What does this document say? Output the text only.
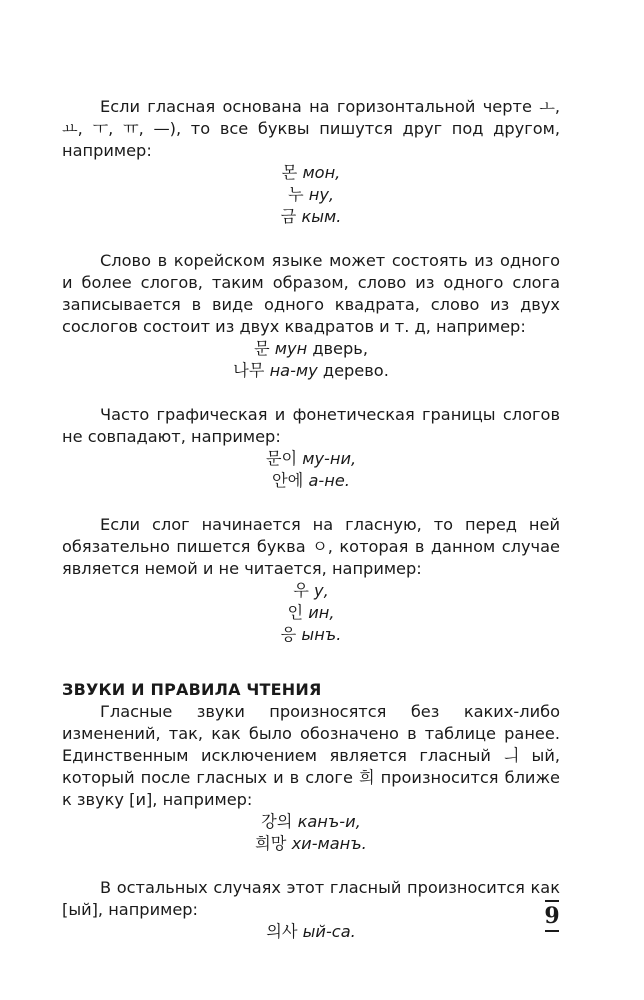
Если гласная основана на горизонтальной черте ㅗ, ㅛ, ㅜ, ㅠ, —), то все буквы пишутся друг под другом, например:

몬 мон,
누 ну,
금 кым.

Слово в корейском языке может состоять из одного и более слогов, таким образом, слово из одного слога записывается в виде одного квадрата, слово из двух сослогов состоит из двух квадратов и т. д, например:

문 мун дверь,
나무 на-му дерево.

Часто графическая и фонетическая границы слогов не совпадают, например:

문이 му-ни,
안에 а-не.

Если слог начинается на гласную, то перед ней обязательно пишется буква ㅇ, которая в данном случае является немой и не читается, например:

우 у,
인 ин,
응 ынъ.
ЗВУКИ И ПРАВИЛА ЧТЕНИЯ

Гласные звуки произносятся без каких-либо изменений, так, как было обозначено в таблице ранее. Единственным исключением является гласный ㅢ ый, который после гласных и в слоге 희 произносится ближе к звуку [и], например:

강의 канъ-и,
희망 хи-манъ.

В остальных случаях этот гласный произносится как [ый], например:

의사 ый-са.
9
